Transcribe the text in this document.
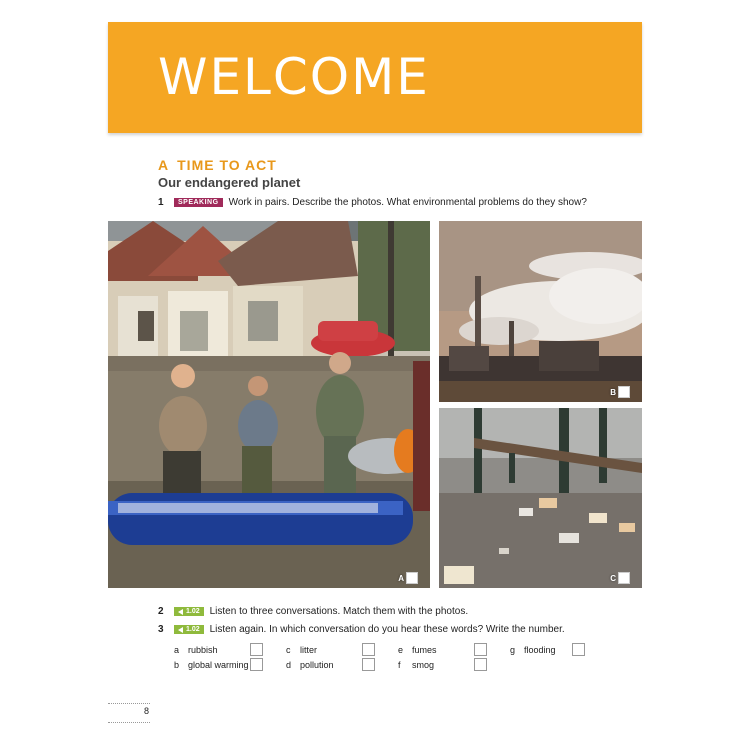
WELCOME
A TIME TO ACT
Our endangered planet
1	SPEAKING	Work in pairs. Describe the photos. What environmental problems do they show?
A
B
C
2	1.02 Listen to three conversations. Match them with the photos.
3	1.02 Listen again. In which conversation do you hear these words? Write the number.
a rubbish
b global warming
c	litter
d pollution
e fumes
f	smog
g flooding
8
